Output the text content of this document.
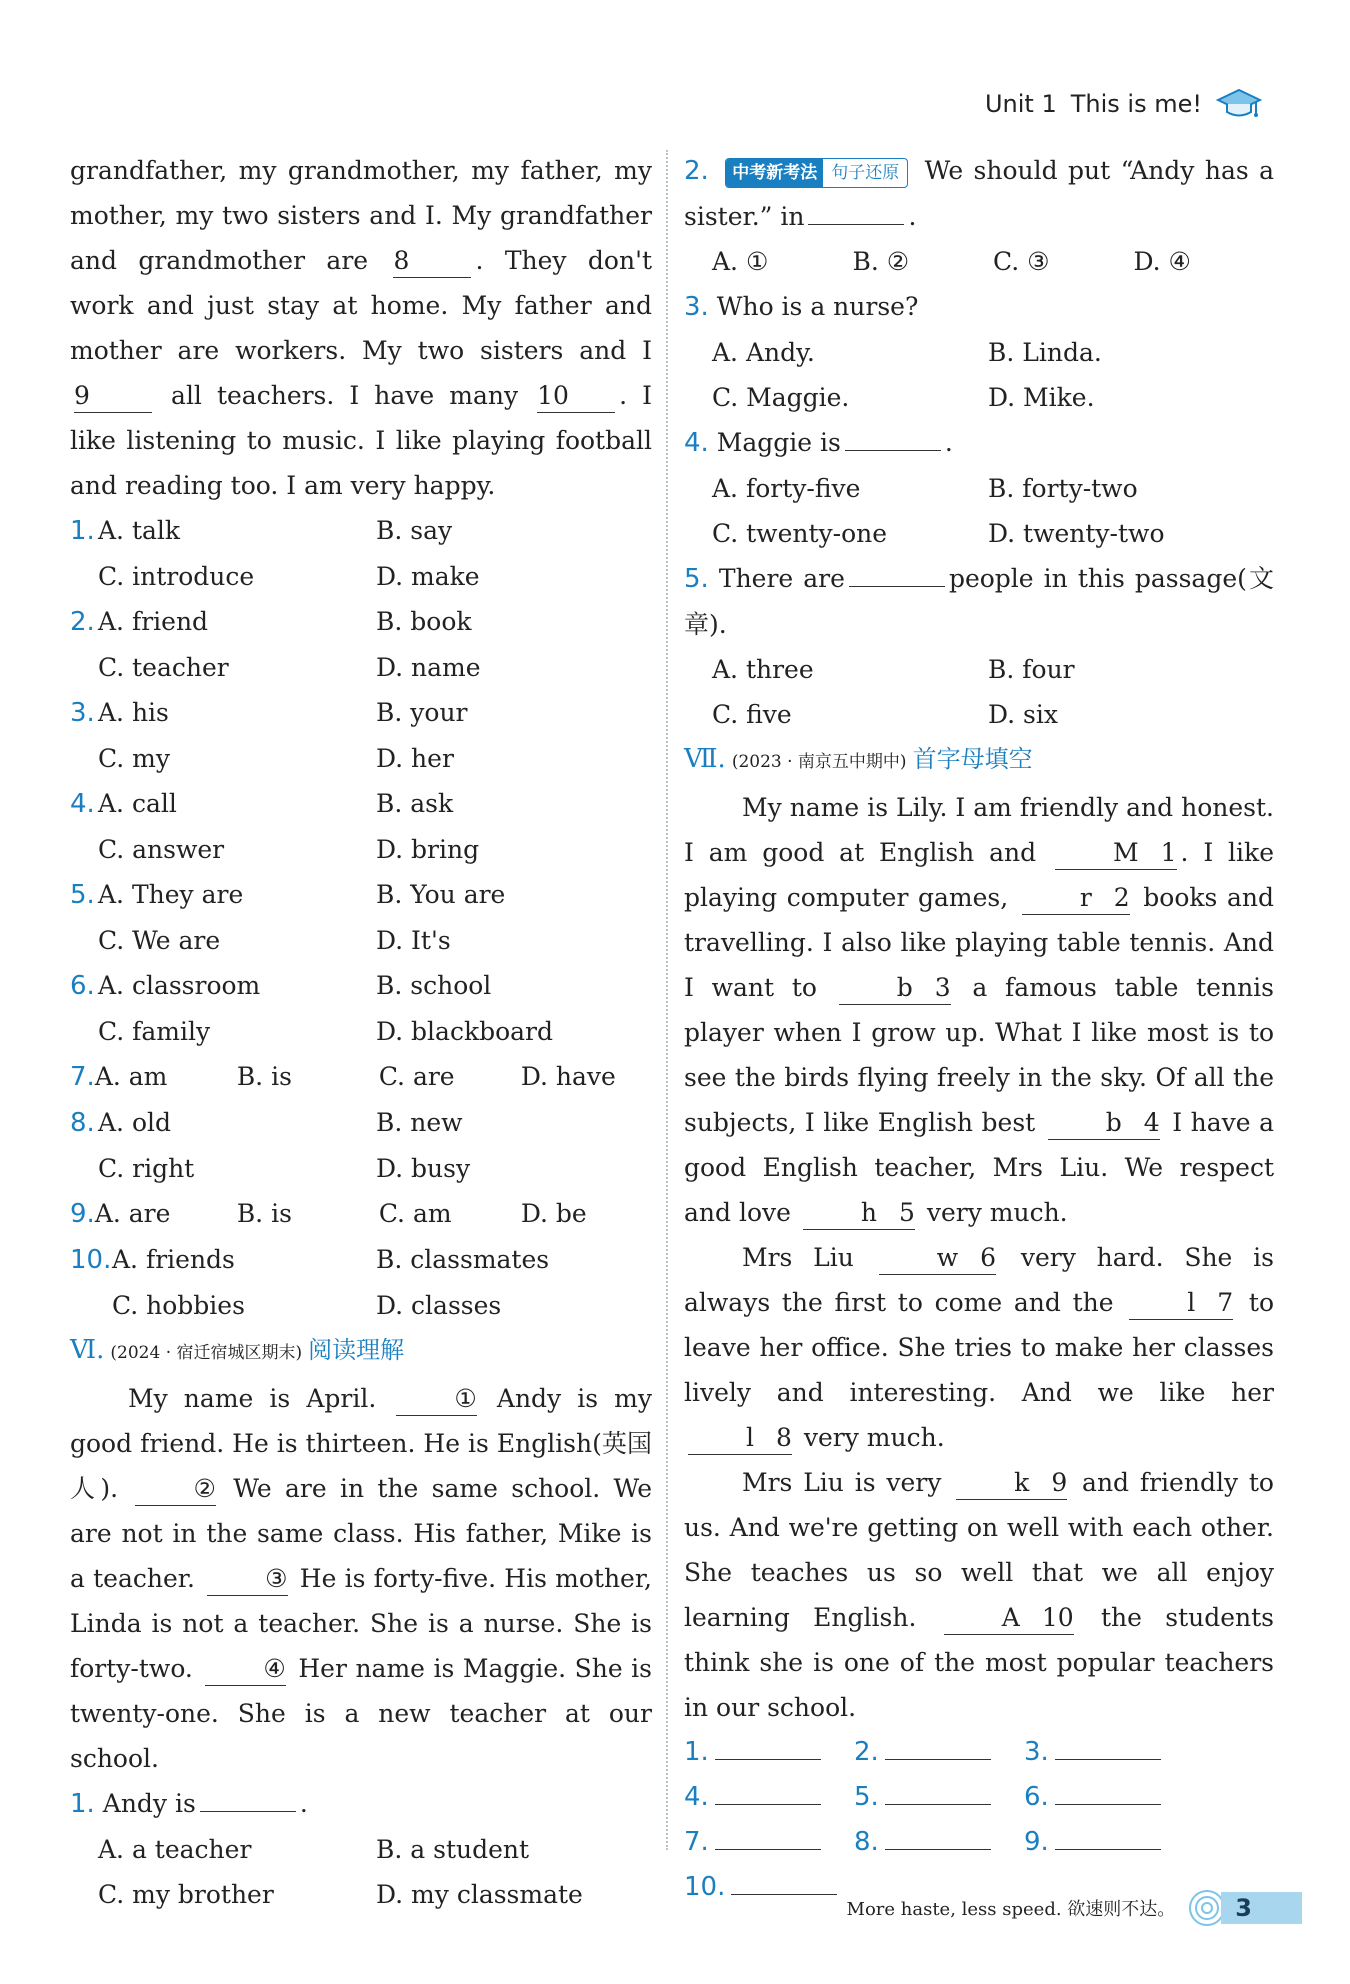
Unit 1 This is me!

grandfather, my grandmother, my father, my mother, my two sisters and I. My grandfather and grandmother are 8	. They don't work and just stay at home. My father and mother are workers. My two sisters and I 9	all teachers. I have many 10 . I like listening to music. I like playing football and reading too. I am very happy.

1. A. talk	B. say
C. introduce	D. make
2. A. friend	B. book
C. teacher	D. name
3. A. his	B. your
C. my	D. her
4. A. call	B. ask
C. answer	D. bring
5. A. They are	B. You are
C. We are	D. It's
6. A. classroom	B. school
C. family	D. blackboard
7. A. am	B. is	C. are	D. have
8. A. old	B. new
C. right	D. busy
9. A. are	B. is	C. am	D. be
10. A. friends	B. classmates
C. hobbies	D. classes
Ⅵ. (2024 · 宿迁宿城区期末) 阅读理解

My name is April.	① Andy is my good friend. He is thirteen. He is English(英国人).	② We are in the same school. We are not in the same class. His father, Mike is a teacher.	③ He is forty-five. His mother, Linda is not a teacher. She is a nurse. She is forty-two.	④ Her name is Maggie. She is twenty-one. She is a new teacher at our school.

1. Andy is	.
A. a teacher	B. a student
C. my brother	D. my classmate

2.	中考新考法 句子还原	We should put “Andy has a sister.” in	.

A. ①	B. ②	C. ③	D. ④
3. Who is a nurse?
A. Andy.	B. Linda.
C. Maggie.	D. Mike.
4. Maggie is	.
A. forty-five	B. forty-two
C. twenty-one	D. twenty-two

5. There are	people in this passage(文章).

A. three	B. four
C. five	D. six
Ⅶ. (2023 · 南京五中期中) 首字母填空

My name is Lily. I am friendly and honest. I am good at English and M 1 . I like playing computer games, r 2 books and travelling. I also like playing table tennis. And I want to b 3 a famous table tennis player when I grow up. What I like most is to see the birds flying freely in the sky. Of all the subjects, I like English best b 4 I have a good English teacher, Mrs Liu. We respect and love h 5 very much.

Mrs Liu w 6 very hard. She is always the first to come and the l 7 to leave her office. She tries to make her classes lively and interesting. And we like her l 8 very much.

Mrs Liu is very k 9 and friendly to us. And we're getting on well with each other. She teaches us so well that we all enjoy learning English. A 10 the students think she is one of the most popular teachers in our school.

1.	2.	3.
4.	5.	6.
7.	8.	9.
10.
More haste, less speed. 欲速则不达。	3
